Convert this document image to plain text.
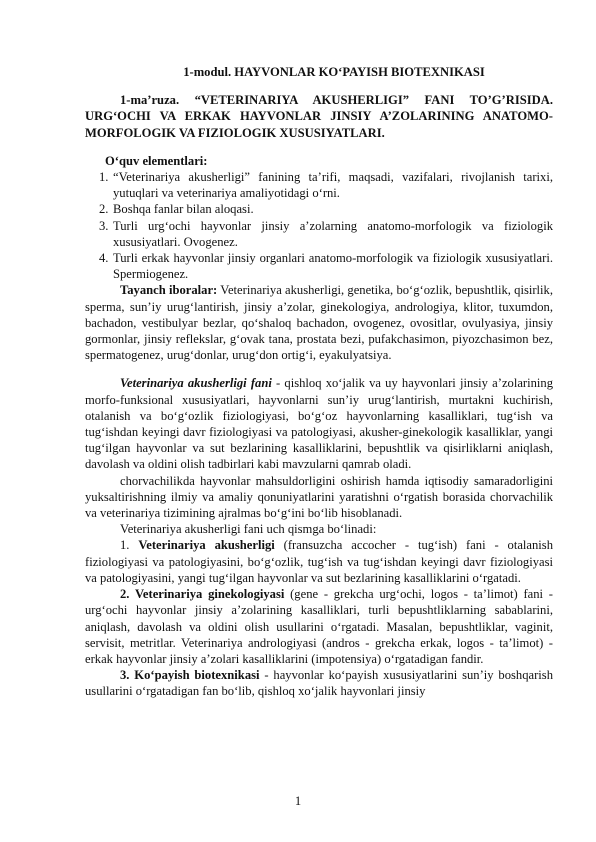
1-modul. HAYVONLAR KO‘PAYISH BIOTEXNIKASI

1-ma’ruza. “VETERINARIYA AKUSHERLIGI” FANI TO’G’RISIDA. URG‘OCHI VA ERKAK HAYVONLAR JINSIY A’ZOLARINING ANATOMO-MORFOLOGIK VA FIZIOLOGIK XUSUSIYATLARI.

O‘quv elementlari:

1. “Veterinariya akusherligi” fanining ta’rifi, maqsadi, vazifalari, rivojlanish tarixi, yutuqlari va veterinariya amaliyotidagi o‘rni.
2. Boshqa fanlar bilan aloqasi.
3. Turli urg‘ochi hayvonlar jinsiy a’zolarning anatomo-morfologik va fiziologik xususiyatlari. Ovogenez.
4. Turli erkak hayvonlar jinsiy organlari anatomo-morfologik va fiziologik xususiyatlari. Spermiogenez.

Tayanch iboralar: Veterinariya akusherligi, genetika, bo‘g‘ozlik, bepushtlik, qisirlik, sperma, sun’iy urug‘lantirish, jinsiy a’zolar, ginekologiya, andrologiya, klitor, tuxumdon, bachadon, vestibulyar bezlar, qo‘shaloq bachadon, ovogenez, ovositlar, ovulyasiya, jinsiy gormonlar, jinsiy reflekslar, g‘ovak tana, prostata bezi, pufakchasimon, piyozchasimon bez, spermatogenez, urug‘donlar, urug‘don ortig‘i, eyakulyatsiya.

Veterinariya akusherligi fani - qishloq xo‘jalik va uy hayvonlari jinsiy a’zolarining morfo-funksional xususiyatlari, hayvonlarni sun’iy urug‘lantirish, murtakni kuchirish, otalanish va bo‘g‘ozlik fiziologiyasi, bo‘g‘oz hayvonlarning kasalliklari, tug‘ish va tug‘ishdan keyingi davr fiziologiyasi va patologiyasi, akusher-ginekologik kasalliklar, yangi tug‘ilgan hayvonlar va sut bezlarining kasalliklarini, bepushtlik va qisirliklarni aniqlash, davolash va oldini olish tadbirlari kabi mavzularni qamrab oladi.

chorvachilikda hayvonlar mahsuldorligini oshirish hamda iqtisodiy samaradorligini yuksaltirishning ilmiy va amaliy qonuniyatlarini yaratishni o‘rgatish borasida chorvachilik va veterinariya tizimining ajralmas bo‘g‘ini bo‘lib hisoblanadi.

Veterinariya akusherligi fani uch qismga bo‘linadi:

1. Veterinariya akusherligi (fransuzcha accocher - tug‘ish) fani - otalanish fiziologiyasi va patologiyasini, bo‘g‘ozlik, tug‘ish va tug‘ishdan keyingi davr fiziologiyasi va patologiyasini, yangi tug‘ilgan hayvonlar va sut bezlarining kasalliklarini o‘rgatadi.

2. Veterinariya ginekologiyasi (gene - grekcha urg‘ochi, logos - ta’limot) fani - urg‘ochi hayvonlar jinsiy a’zolarining kasalliklari, turli bepushtliklarning sabablarini, aniqlash, davolash va oldini olish usullarini o‘rgatadi. Masalan, bepushtliklar, vaginit, servisit, metritlar. Veterinariya andrologiyasi (andros - grekcha erkak, logos - ta’limot) - erkak hayvonlar jinsiy a’zolari kasalliklarini (impotensiya) o‘rgatadigan fandir.

3. Ko‘payish biotexnikasi - hayvonlar ko‘payish xususiyatlarini sun’iy boshqarish usullarini o‘rgatadigan fan bo‘lib, qishloq xo‘jalik hayvonlari jinsiy

1
